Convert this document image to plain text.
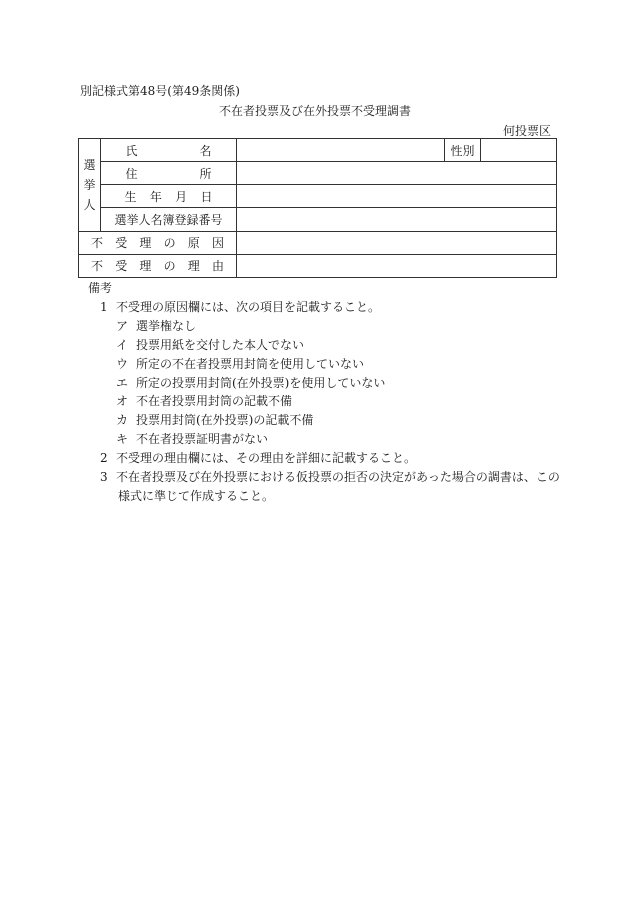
別記様式第48号(第49条関係)
不在者投票及び在外投票不受理調書
何投票区
選
挙
人	氏　　　名		性別	

	住　　　所			

	生　年　月　日			

	選挙人名簿登録番号			

不　受　理　の　原　因				

不　受　理　の　理　由				

備考
1 不受理の原因欄には、次の項目を記載すること。
ア 選挙権なし
イ 投票用紙を交付した本人でない
ウ 所定の不在者投票用封筒を使用していない
エ 所定の投票用封筒(在外投票)を使用していない
オ 不在者投票用封筒の記載不備
カ 投票用封筒(在外投票)の記載不備
キ 不在者投票証明書がない
2 不受理の理由欄には、その理由を詳細に記載すること。
3 不在者投票及び在外投票における仮投票の拒否の決定があった場合の調書は、この
様式に準じて作成すること。
